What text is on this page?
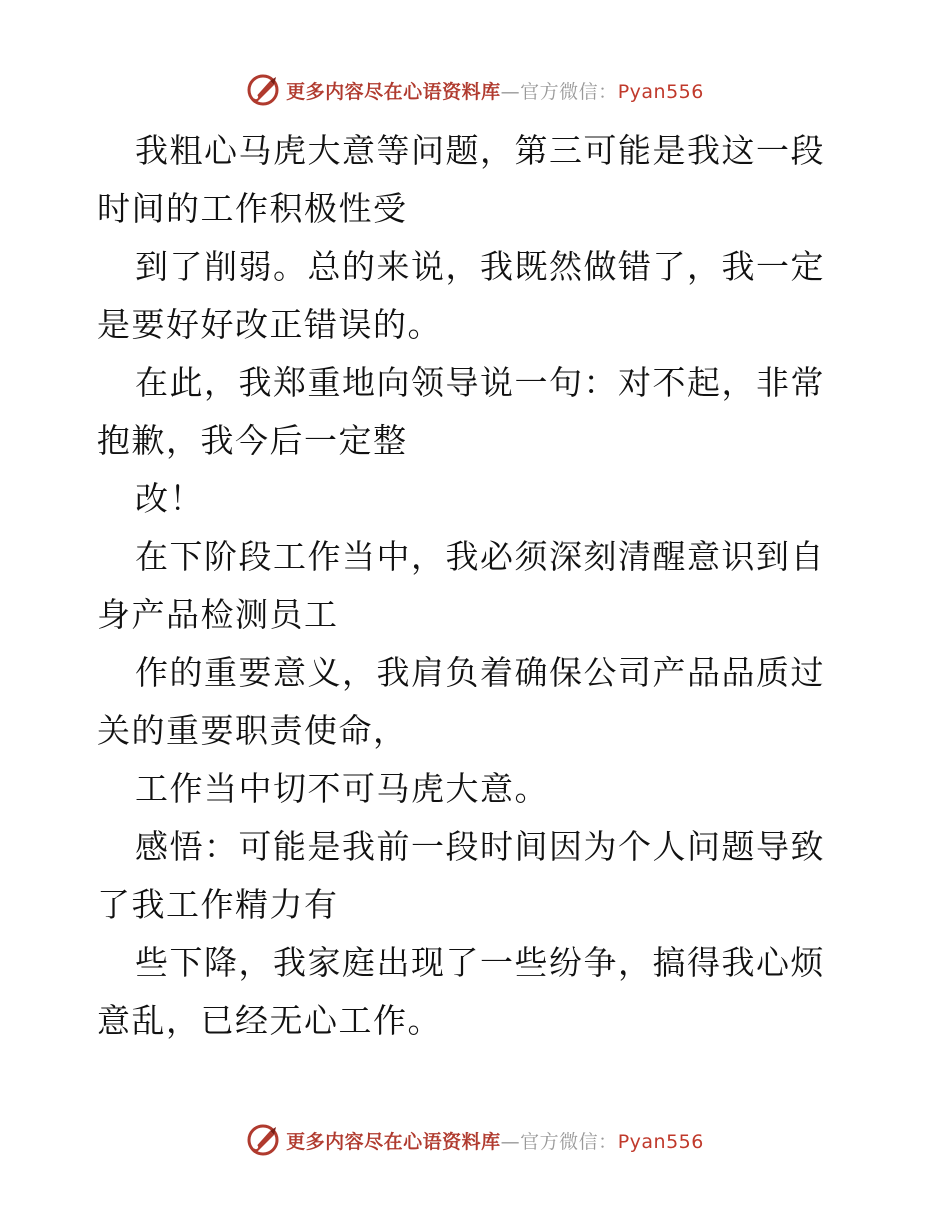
更多内容尽在心语资料库—官方微信：Pyan556

我粗心马虎大意等问题，第三可能是我这一段时间的工作积极性受

到了削弱。总的来说，我既然做错了，我一定是要好好改正错误的。

在此，我郑重地向领导说一句：对不起，非常抱歉，我今后一定整

改！

在下阶段工作当中，我必须深刻清醒意识到自身产品检测员工

作的重要意义，我肩负着确保公司产品品质过关的重要职责使命，

工作当中切不可马虎大意。

感悟：可能是我前一段时间因为个人问题导致了我工作精力有

些下降，我家庭出现了一些纷争，搞得我心烦意乱，已经无心工作。

更多内容尽在心语资料库—官方微信：Pyan556
